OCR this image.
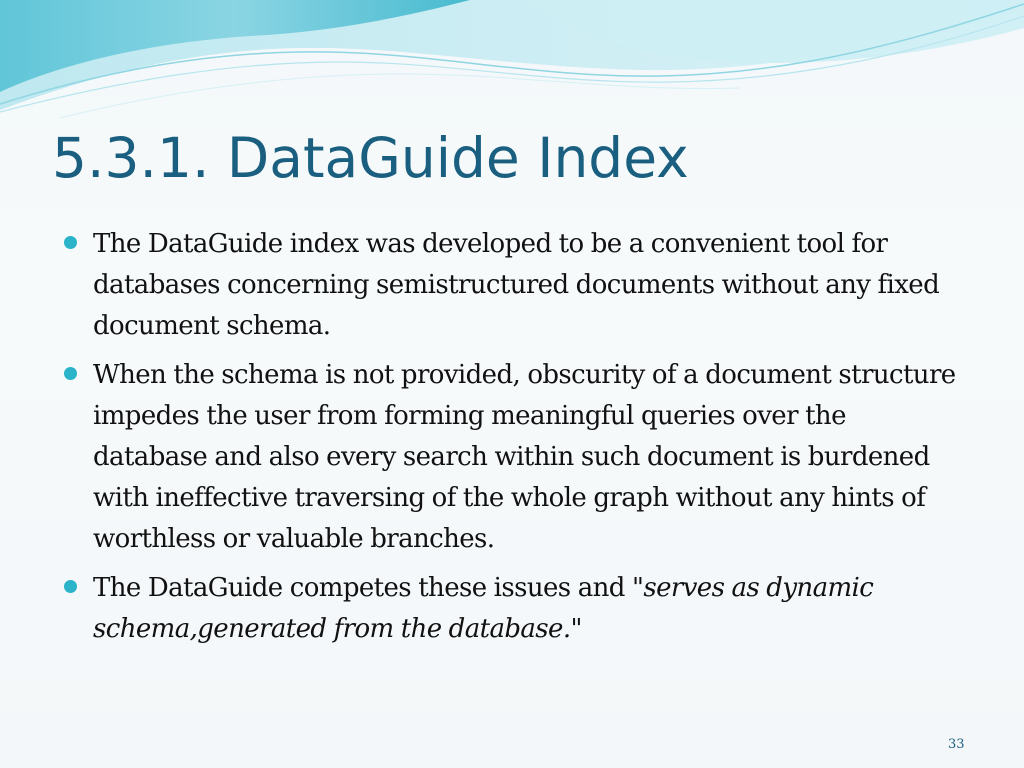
5.3.1. DataGuide Index
The DataGuide index was developed to be a convenient tool for databases concerning semistructured documents without any fixed document schema.
When the schema is not provided, obscurity of a document structure impedes the user from forming meaningful queries over the database and also every search within such document is burdened with ineffective traversing of the whole graph without any hints of worthless or valuable branches.
The DataGuide competes these issues and "serves as dynamic schema,generated from the database."
33
